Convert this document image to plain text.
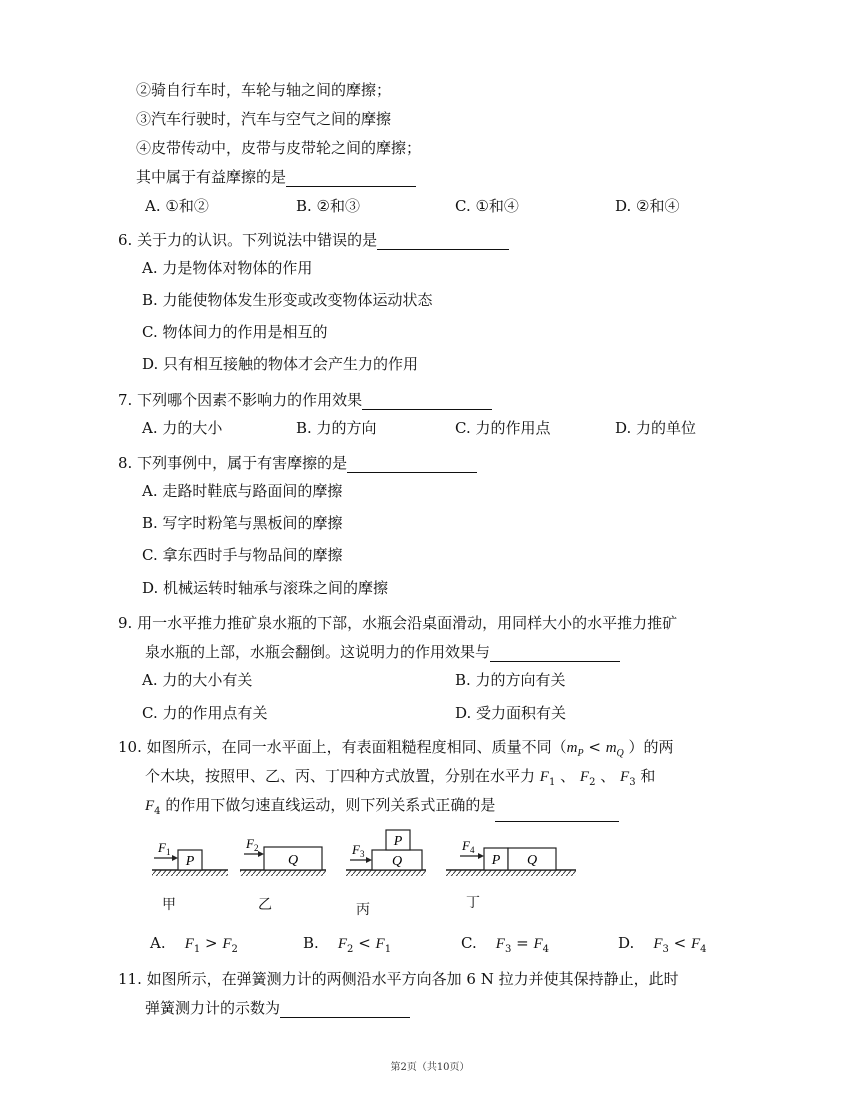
②骑自行车时，车轮与轴之间的摩擦；
③汽车行驶时，汽车与空气之间的摩擦
④皮带传动中，皮带与皮带轮之间的摩擦；
其中属于有益摩擦的是
A. ①和②	B. ②和③	C. ①和④	D. ②和④
6. 关于力的认识。下列说法中错误的是
A. 力是物体对物体的作用
B. 力能使物体发生形变或改变物体运动状态
C. 物体间力的作用是相互的
D. 只有相互接触的物体才会产生力的作用
7. 下列哪个因素不影响力的作用效果
A. 力的大小	B. 力的方向	C. 力的作用点	D. 力的单位
8. 下列事例中，属于有害摩擦的是
A. 走路时鞋底与路面间的摩擦
B. 写字时粉笔与黑板间的摩擦
C. 拿东西时手与物品间的摩擦
D. 机械运转时轴承与滚珠之间的摩擦
9. 用一水平推力推矿泉水瓶的下部，水瓶会沿桌面滑动，用同样大小的水平推力推矿
泉水瓶的上部，水瓶会翻倒。这说明力的作用效果与
A. 力的大小有关	B. 力的方向有关
C. 力的作用点有关	D. 受力面积有关
10. 如图所示，在同一水平面上，有表面粗糙程度相同、质量不同（$m_P < m_Q$ ）的两
个木块，按照甲、乙、丙、丁四种方式放置，分别在水平力 $F_1$ 、 $F_2$ 、 $F_3$ 和
$F_4$ 的作用下做匀速直线运动，则下列关系式正确的是
P
$F_1$
Q
$F_2$	P
Q
$F_3$	P Q
$F_4$
甲	乙	丙	丁
A. $F_1 > F_2$	B. $F_2 < F_1$	C. $F_3 = F_4$	D. $F_3 < F_4$
11. 如图所示，在弹簧测力计的两侧沿水平方向各加 6 N 拉力并使其保持静止，此时
弹簧测力计的示数为
第2页（共10页）
